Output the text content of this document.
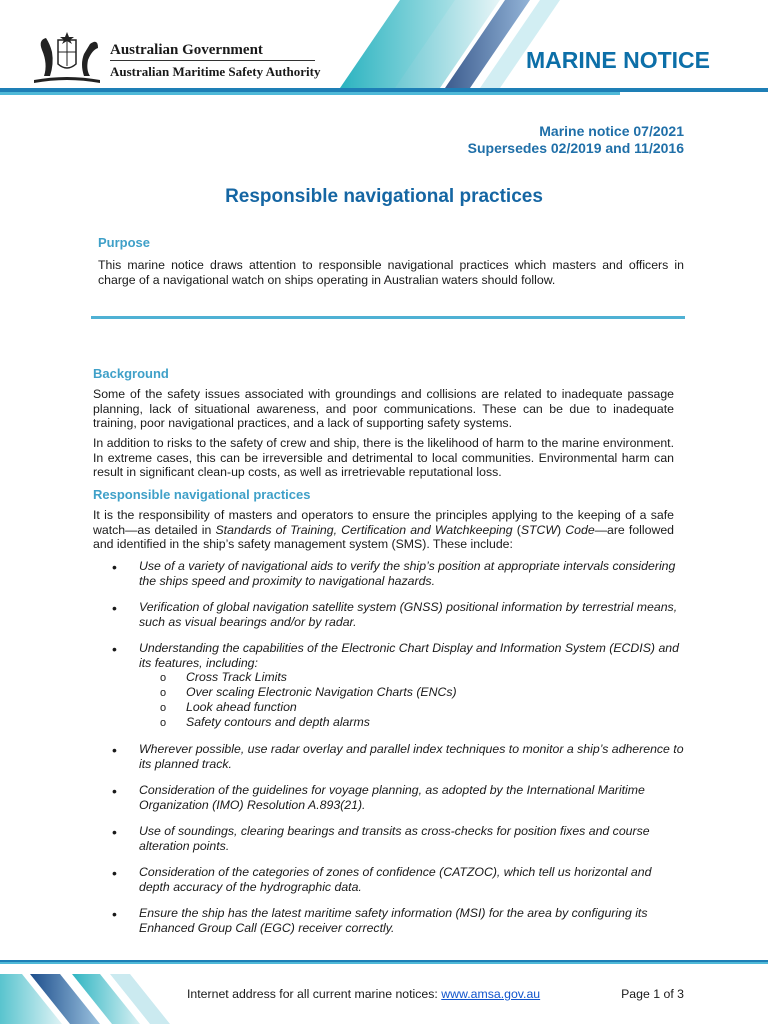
Australian Government
Australian Maritime Safety Authority	MARINE NOTICE
Marine notice 07/2021
Supersedes 02/2019 and 11/2016
Responsible navigational practices
Purpose
This marine notice draws attention to responsible navigational practices which masters and officers in charge of a navigational watch on ships operating in Australian waters should follow.
Background
Some of the safety issues associated with groundings and collisions are related to inadequate passage planning, lack of situational awareness, and poor communications. These can be due to inadequate training, poor navigational practices, and a lack of supporting safety systems.
In addition to risks to the safety of crew and ship, there is the likelihood of harm to the marine environment. In extreme cases, this can be irreversible and detrimental to local communities. Environmental harm can result in significant clean-up costs, as well as irretrievable reputational loss.
Responsible navigational practices
It is the responsibility of masters and operators to ensure the principles applying to the keeping of a safe watch—as detailed in Standards of Training, Certification and Watchkeeping (STCW) Code—are followed and identified in the ship’s safety management system (SMS). These include:
• Use of a variety of navigational aids to verify the ship’s position at appropriate intervals considering the ships speed and proximity to navigational hazards.
• Verification of global navigation satellite system (GNSS) positional information by terrestrial means, such as visual bearings and/or by radar.
• Understanding the capabilities of the Electronic Chart Display and Information System (ECDIS) and its features, including:
o Cross Track Limits
o Over scaling Electronic Navigation Charts (ENCs)
o Look ahead function
o Safety contours and depth alarms
• Wherever possible, use radar overlay and parallel index techniques to monitor a ship’s adherence to its planned track.
• Consideration of the guidelines for voyage planning, as adopted by the International Maritime Organization (IMO) Resolution A.893(21).
• Use of soundings, clearing bearings and transits as cross-checks for position fixes and course alteration points.
• Consideration of the categories of zones of confidence (CATZOC), which tell us horizontal and depth accuracy of the hydrographic data.
• Ensure the ship has the latest maritime safety information (MSI) for the area by configuring its Enhanced Group Call (EGC) receiver correctly.
Internet address for all current marine notices: www.amsa.gov.au	Page 1 of 3
